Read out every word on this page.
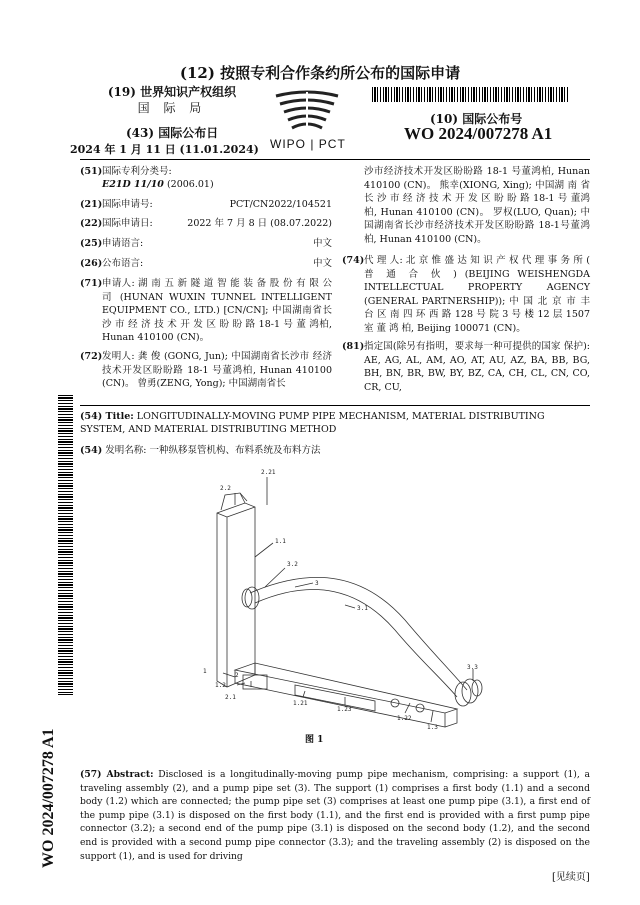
(12) 按照专利合作条约所公布的国际申请
(19) 世界知识产权组织
国 际 局
(43) 国际公布日
2024 年 1 月 11 日 (11.01.2024) WIPO | PCT
(10) 国际公布号
WO 2024/007278 A1
(51) 国际专利分类号:
E21D 11/10 (2006.01)
(21) 国际申请号:	PCT/CN2022/104521
(22) 国际申请日:	2022 年 7 月 8 日 (08.07.2022)
(25) 申请语言:	中文
(26) 公布语言:	中文
(71) 申请人: 湖 南 五 新 隧 道 智 能 装 备 股 份 有 限 公 司 (HUNAN WUXIN TUNNEL INTELLIGENT EQUIPMENT CO., LTD.) [CN/CN]; 中国湖南省长 沙 市 经 济 技 术 开 发 区 盼 盼 路 18-1 号 董 鸿柏, Hunan 410100 (CN)。
(72) 发明人: 龚 俊 (GONG, Jun); 中国湖南省长沙市 经济技术开发区盼盼路 18-1 号董鸿柏, Hunan 410100 (CN)。 曾勇(ZENG, Yong); 中国湖南省长
沙市经济技术开发区盼盼路 18-1 号董鸿柏, Hunan 410100 (CN)。 熊幸(XIONG, Xing); 中国湖 南 省 长 沙 市 经 济 技 术 开 发 区 盼 盼 路 18-1 号 董鸿柏, Hunan 410100 (CN)。 罗权(LUO, Quan); 中国湖南省长沙市经济技术开发区盼盼路 18-1号董鸿柏, Hunan 410100 (CN)。
(74) 代 理 人: 北 京 惟 盛 达 知 识 产 权 代 理 事 务 所 ( 普 通 合 伙 ) (BEIJING WEISHENGDA INTELLECTUAL PROPERTY AGENCY (GENERAL PARTNERSHIP)); 中 国 北 京 市 丰 台 区 南 四 环 西 路 128 号 院 3 号 楼 12 层 1507 室 董 鸿 柏, Beijing 100071 (CN)。
(81) 指定国(除另有指明，要求每一种可提供的国家 保护): AE, AG, AL, AM, AO, AT, AU, AZ, BA, BB, BG, BH, BN, BR, BW, BY, BZ, CA, CH, CL, CN, CO, CR, CU,
(54) Title: LONGITUDINALLY-MOVING PUMP PIPE MECHANISM, MATERIAL DISTRIBUTING SYSTEM, AND MATERIAL DISTRIBUTING METHOD
(54) 发明名称: 一种纵移泵管机构、布料系统及布料方法
WO 2024/007278 A1
2.21
2.2
1.1
3.2
3
3.1
1
1.2
2
2.1
1.21
1.23
1.22
1.3
3.3
图 1
(57) Abstract: Disclosed is a longitudinally-moving pump pipe mechanism, comprising: a support (1), a traveling assembly (2), and a pump pipe set (3). The support (1) comprises a first body (1.1) and a second body (1.2) which are connected; the pump pipe set (3) comprises at least one pump pipe (3.1), a first end of the pump pipe (3.1) is disposed on the first body (1.1), and the first end is provided with a first pump pipe connector (3.2); a second end of the pump pipe (3.1) is disposed on the second body (1.2), and the second end is provided with a second pump pipe connector (3.3); and the traveling assembly (2) is disposed on the support (1), and is used for driving
[见续页]
